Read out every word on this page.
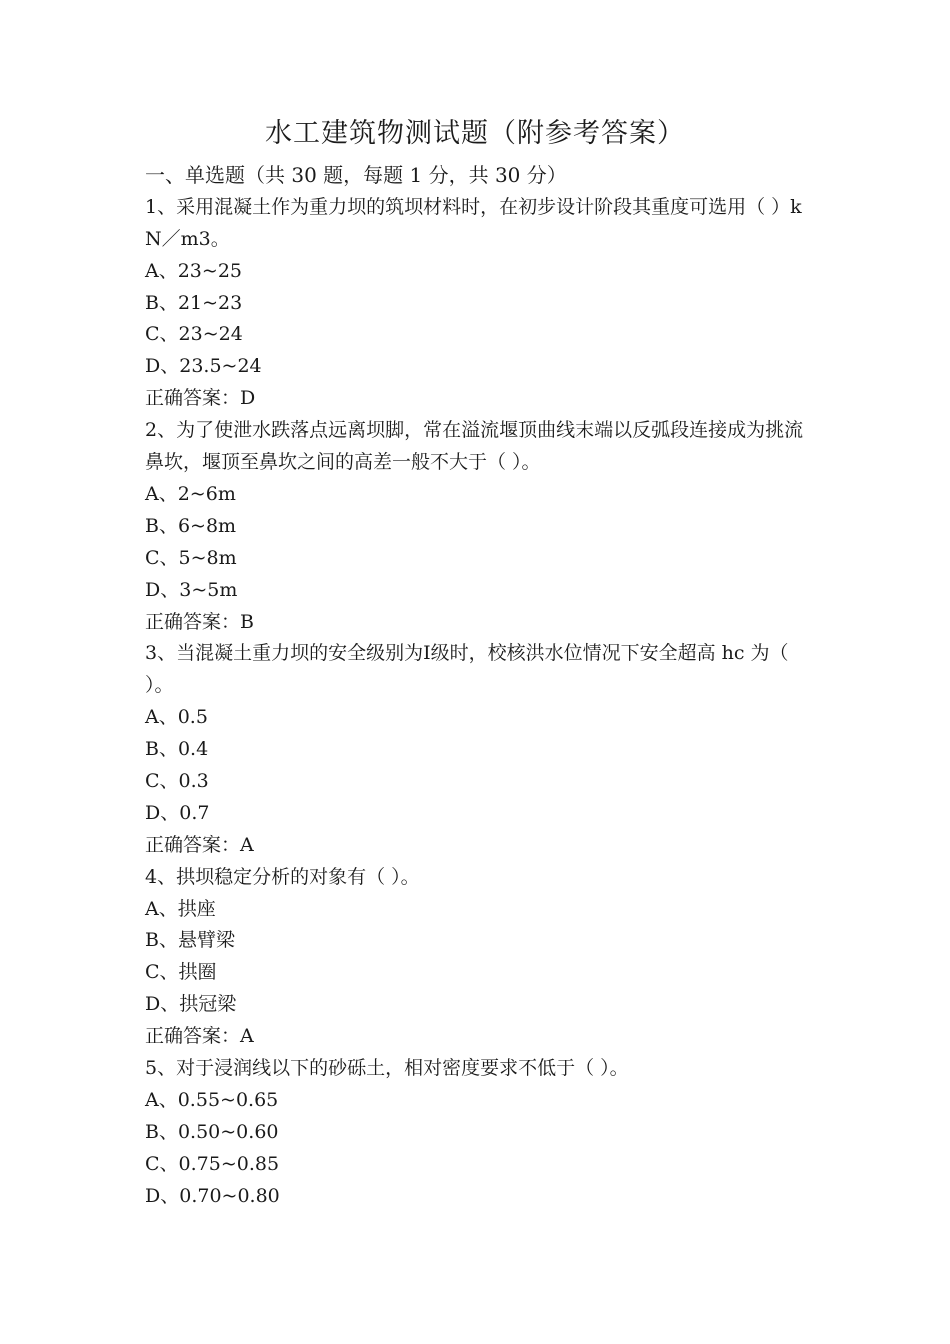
水工建筑物测试题（附参考答案）
一、单选题（共 30 题，每题 1 分，共 30 分）
1、采用混凝土作为重力坝的筑坝材料时，在初步设计阶段其重度可选用（ ）kN／m3。
A、23~25
B、21~23
C、23~24
D、23.5~24
正确答案：D
2、为了使泄水跌落点远离坝脚，常在溢流堰顶曲线末端以反弧段连接成为挑流鼻坎，堰顶至鼻坎之间的高差一般不大于（ ）。
A、2~6m
B、6~8m
C、5~8m
D、3~5m
正确答案：B
3、当混凝土重力坝的安全级别为Ⅰ级时，校核洪水位情况下安全超高 hc 为（ ）。
A、0.5
B、0.4
C、0.3
D、0.7
正确答案：A
4、拱坝稳定分析的对象有（ ）。
A、拱座
B、悬臂梁
C、拱圈
D、拱冠梁
正确答案：A
5、对于浸润线以下的砂砾土，相对密度要求不低于（ ）。
A、0.55~0.65
B、0.50~0.60
C、0.75~0.85
D、0.70~0.80
